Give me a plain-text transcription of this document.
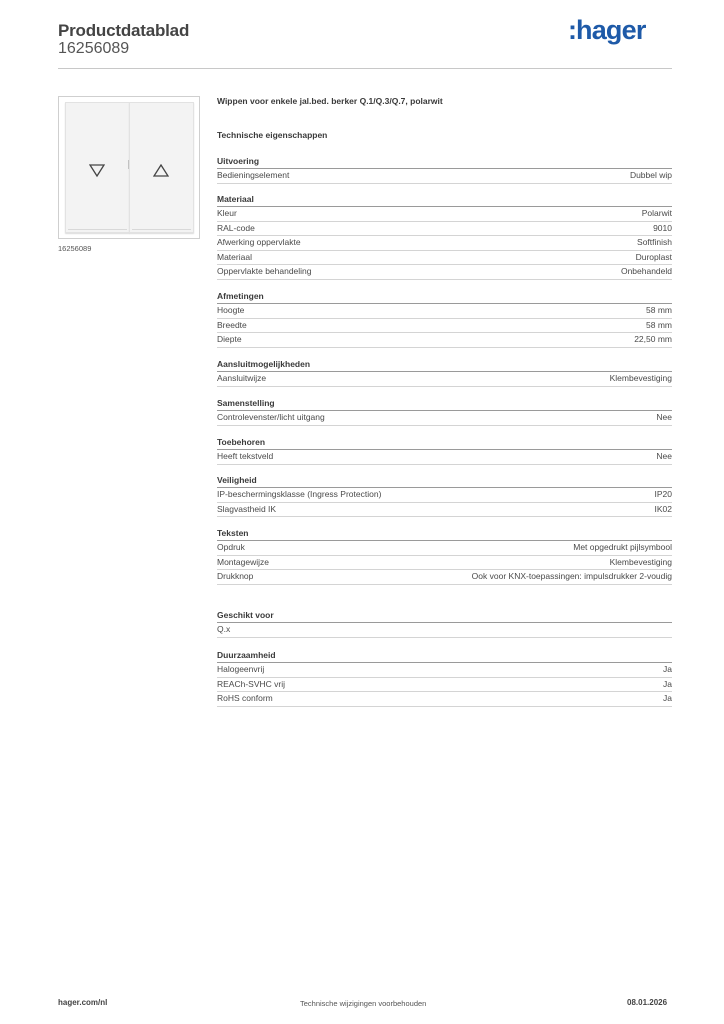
Productdatablad
16256089
:hager
16256089
Wippen voor enkele jal.bed. berker Q.1/Q.3/Q.7, polarwit
Technische eigenschappen
Uitvoering
Bedieningselement	Dubbel wip
Materiaal
Kleur	Polarwit
RAL-code	9010
Afwerking oppervlakte	Softfinish
Materiaal	Duroplast
Oppervlakte behandeling	Onbehandeld
Afmetingen
Hoogte	58 mm
Breedte	58 mm
Diepte	22,50 mm
Aansluitmogelijkheden
Aansluitwijze	Klembevestiging
Samenstelling
Controlevenster/licht uitgang	Nee
Toebehoren
Heeft tekstveld	Nee
Veiligheid
IP-beschermingsklasse (Ingress Protection)	IP20
Slagvastheid IK	IK02
Teksten
Opdruk	Met opgedrukt pijlsymbool
Montagewijze	Klembevestiging
Drukknop	Ook voor KNX-toepassingen: impulsdrukker 2-voudig
Geschikt voor
Q.x
Duurzaamheid
Halogeenvrij	Ja
REACh-SVHC vrij	Ja
RoHS conform	Ja
hager.com/nl	Technische wijzigingen voorbehouden	08.01.2026
